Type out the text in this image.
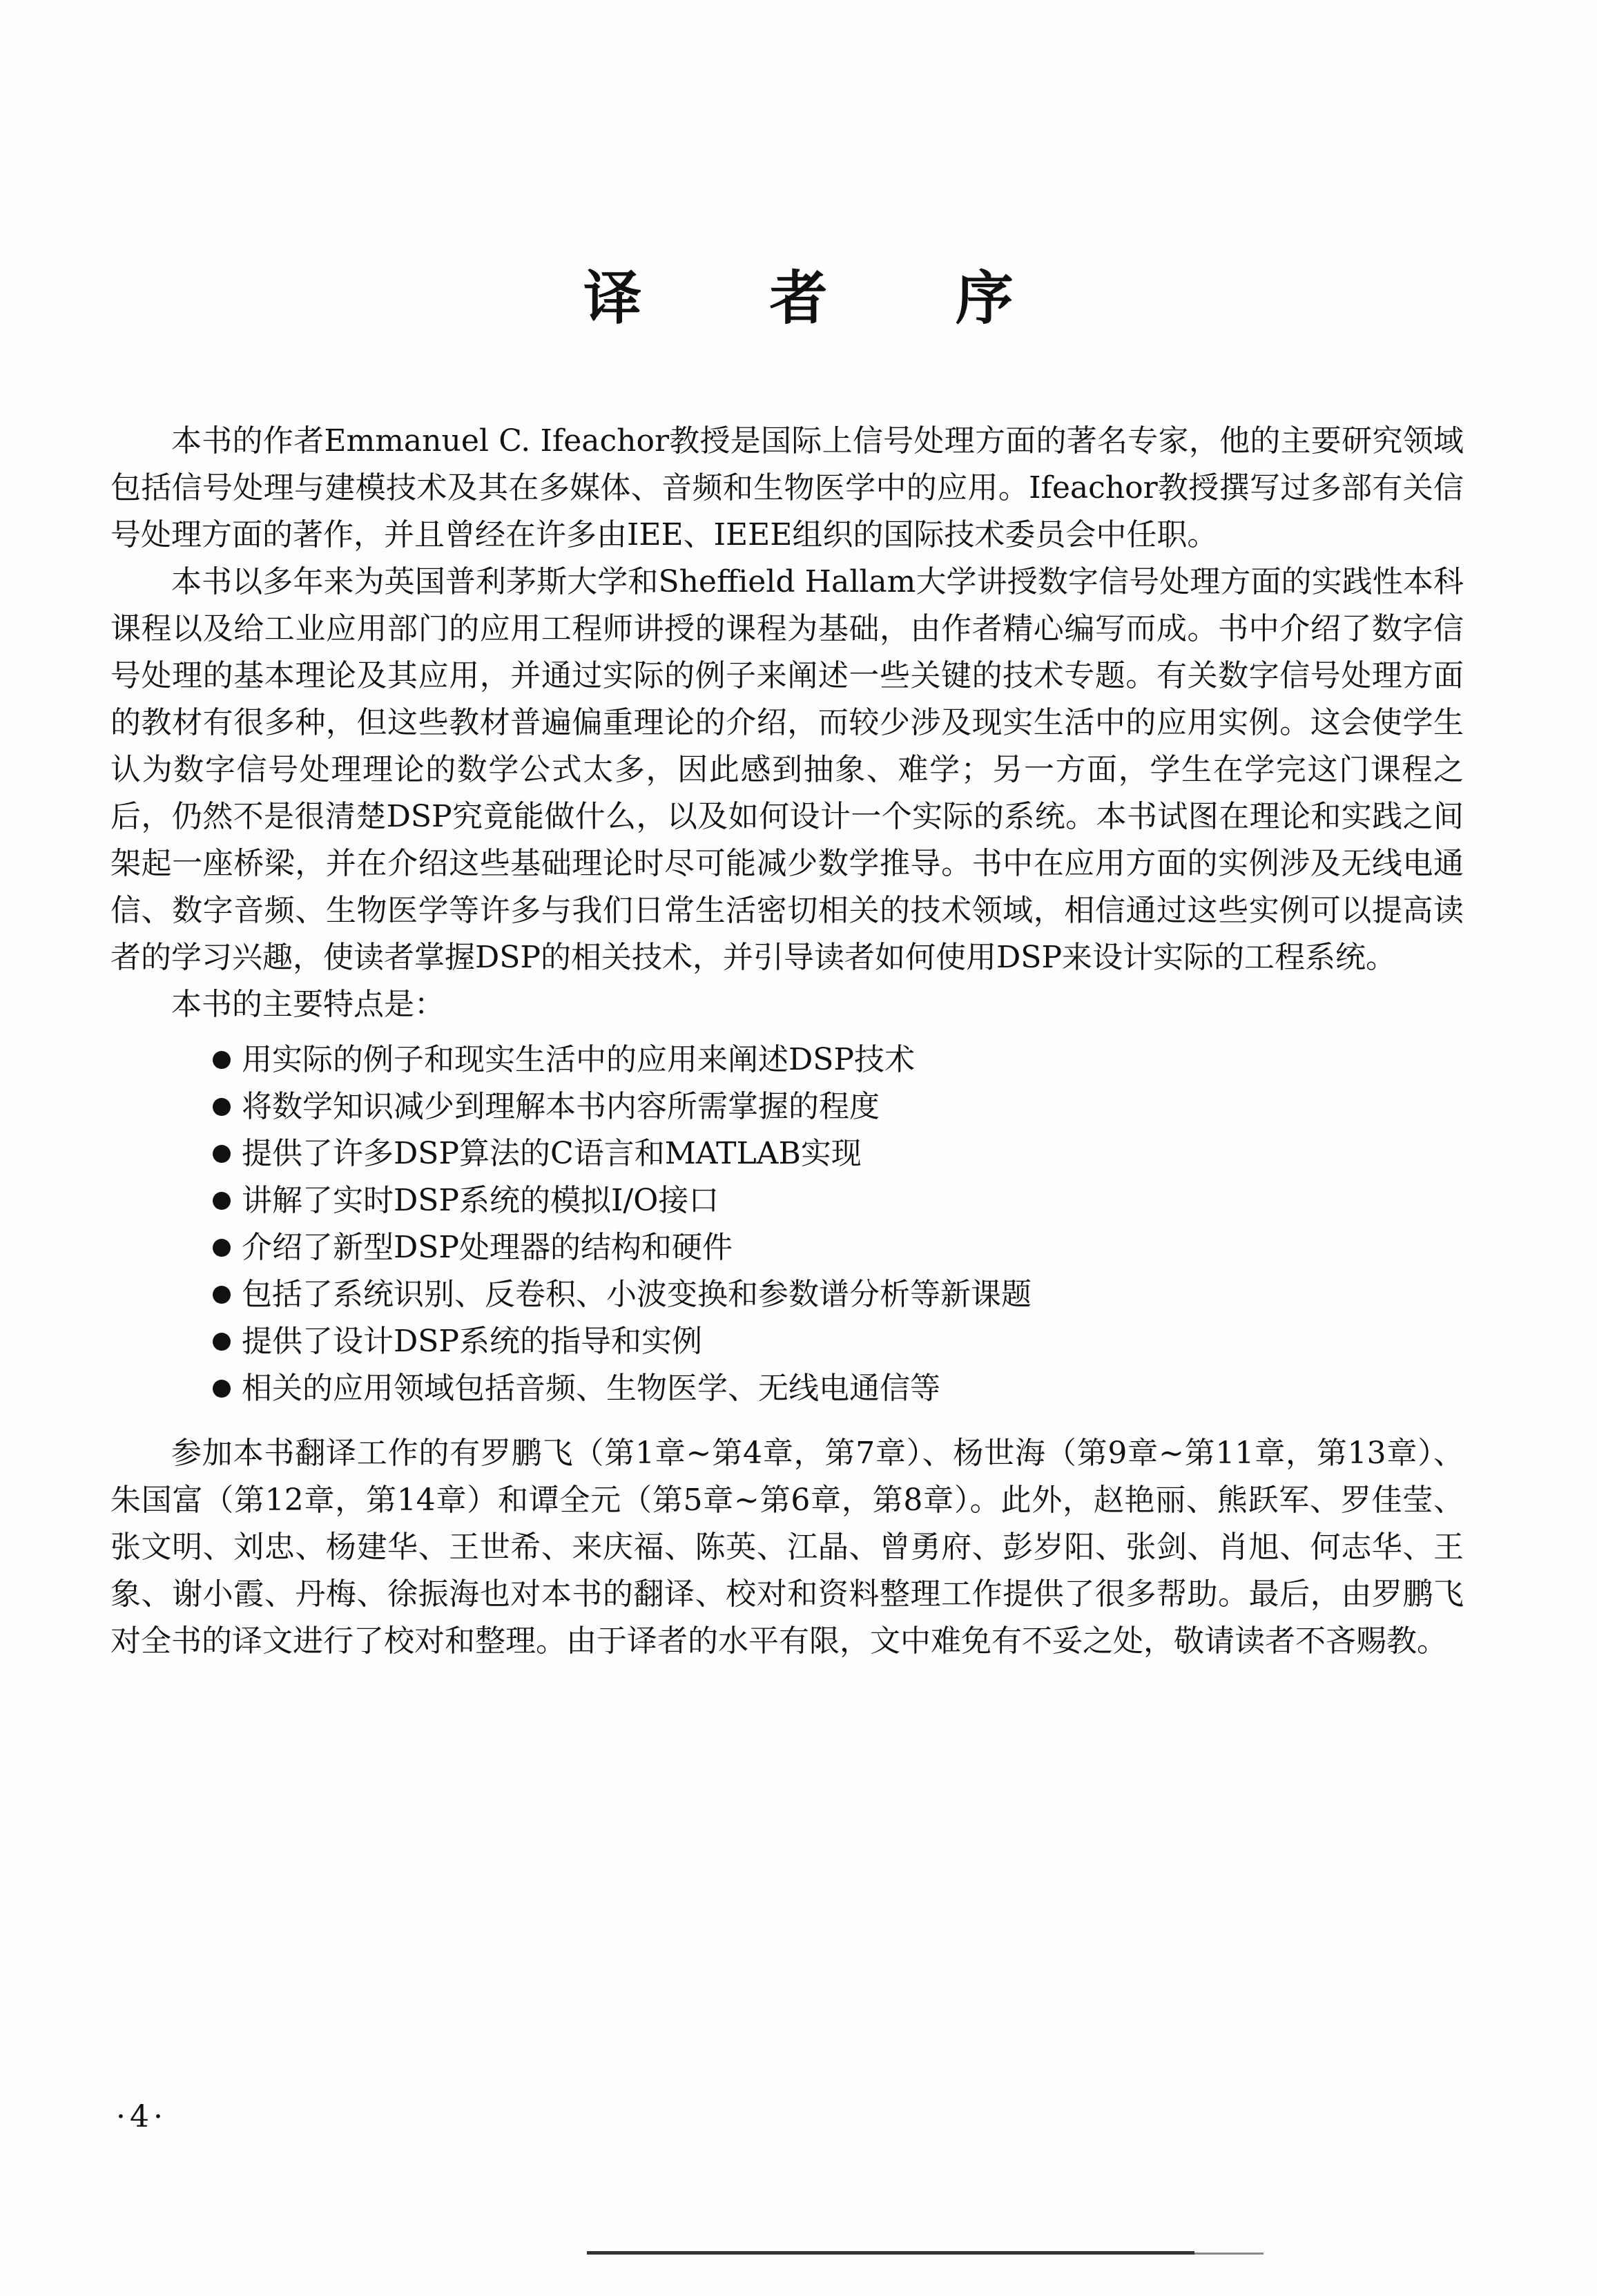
译 者 序

本书的作者Emmanuel C. Ifeachor教授是国际上信号处理方面的著名专家，他的主要研究领域包括信号处理与建模技术及其在多媒体、音频和生物医学中的应用。Ifeachor教授撰写过多部有关信号处理方面的著作，并且曾经在许多由IEE、IEEE组织的国际技术委员会中任职。

本书以多年来为英国普利茅斯大学和Sheffield Hallam大学讲授数字信号处理方面的实践性本科课程以及给工业应用部门的应用工程师讲授的课程为基础，由作者精心编写而成。书中介绍了数字信号处理的基本理论及其应用，并通过实际的例子来阐述一些关键的技术专题。有关数字信号处理方面的教材有很多种，但这些教材普遍偏重理论的介绍，而较少涉及现实生活中的应用实例。这会使学生认为数字信号处理理论的数学公式太多，因此感到抽象、难学；另一方面，学生在学完这门课程之后，仍然不是很清楚DSP究竟能做什么，以及如何设计一个实际的系统。本书试图在理论和实践之间架起一座桥梁，并在介绍这些基础理论时尽可能减少数学推导。书中在应用方面的实例涉及无线电通信、数字音频、生物医学等许多与我们日常生活密切相关的技术领域，相信通过这些实例可以提高读者的学习兴趣，使读者掌握DSP的相关技术，并引导读者如何使用DSP来设计实际的工程系统。

本书的主要特点是：

用实际的例子和现实生活中的应用来阐述DSP技术
将数学知识减少到理解本书内容所需掌握的程度
提供了许多DSP算法的C语言和MATLAB实现
讲解了实时DSP系统的模拟I/O接口
介绍了新型DSP处理器的结构和硬件
包括了系统识别、反卷积、小波变换和参数谱分析等新课题
提供了设计DSP系统的指导和实例
相关的应用领域包括音频、生物医学、无线电通信等

参加本书翻译工作的有罗鹏飞（第1章~第4章，第7章）、杨世海（第9章~第11章，第13章）、朱国富（第12章，第14章）和谭全元（第5章~第6章，第8章）。此外，赵艳丽、熊跃军、罗佳莹、张文明、刘忠、杨建华、王世希、来庆福、陈英、江晶、曾勇府、彭岁阳、张剑、肖旭、何志华、王象、谢小霞、丹梅、徐振海也对本书的翻译、校对和资料整理工作提供了很多帮助。最后，由罗鹏飞对全书的译文进行了校对和整理。由于译者的水平有限，文中难免有不妥之处，敬请读者不吝赐教。

·4·
